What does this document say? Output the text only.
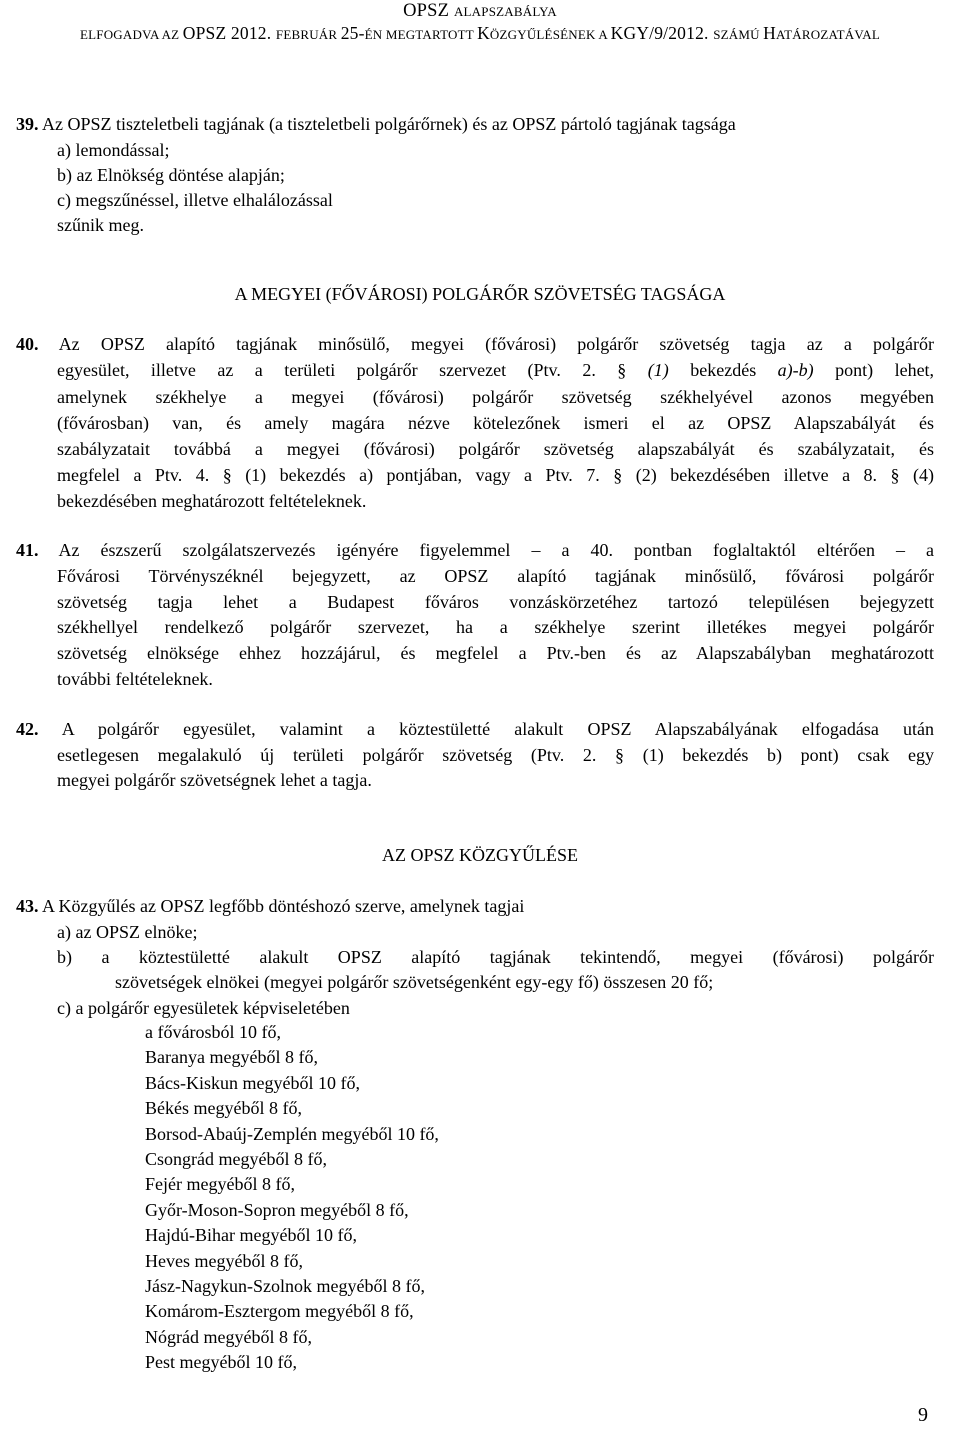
OPSZ ALAPSZABÁLYA
ELFOGADVA AZ OPSZ 2012. FEBRUÁR 25-ÉN MEGTARTOTT KÖZGYŰLÉSÉNEK A KGY/9/2012. SZÁMÚ HATÁROZATÁVAL
39. Az OPSZ tiszteletbeli tagjának (a tiszteletbeli polgárőrnek) és az OPSZ pártoló tagjának tagsága
a) lemondással;
b) az Elnökség döntése alapján;
c) megszűnéssel, illetve elhalálozással
szűnik meg.
A MEGYEI (FŐVÁROSI) POLGÁRŐR SZÖVETSÉG TAGSÁGA
40. Az OPSZ alapító tagjának minősülő, megyei (fővárosi) polgárőr szövetség tagja az a polgárőr
egyesület, illetve az a területi polgárőr szervezet (Ptv. 2. § (1) bekezdés a)-b) pont) lehet,
amelynek székhelye a megyei (fővárosi) polgárőr szövetség székhelyével azonos megyében
(fővárosban) van, és amely magára nézve kötelezőnek ismeri el az OPSZ Alapszabályát és
szabályzatait továbbá a megyei (fővárosi) polgárőr szövetség alapszabályát és szabályzatait, és
megfelel a Ptv. 4. § (1) bekezdés a) pontjában, vagy a Ptv. 7. § (2) bekezdésében illetve a 8. § (4)
bekezdésében meghatározott feltételeknek.
41. Az észszerű szolgálatszervezés igényére figyelemmel – a 40. pontban foglaltaktól eltérően – a
Fővárosi Törvényszéknél bejegyzett, az OPSZ alapító tagjának minősülő, fővárosi polgárőr
szövetség tagja lehet a Budapest főváros vonzáskörzetéhez tartozó településen bejegyzett
székhellyel rendelkező polgárőr szervezet, ha a székhelye szerint illetékes megyei polgárőr
szövetség elnöksége ehhez hozzájárul, és megfelel a Ptv.-ben és az Alapszabályban meghatározott
további feltételeknek.
42. A polgárőr egyesület, valamint a köztestületté alakult OPSZ Alapszabályának elfogadása után
esetlegesen megalakuló új területi polgárőr szövetség (Ptv. 2. § (1) bekezdés b) pont) csak egy
megyei polgárőr szövetségnek lehet a tagja.
AZ OPSZ KÖZGYŰLÉSE
43. A Közgyűlés az OPSZ legfőbb döntéshozó szerve, amelynek tagjai
a) az OPSZ elnöke;
b) a köztestületté alakult OPSZ alapító tagjának tekintendő, megyei (fővárosi) polgárőr
szövetségek elnökei (megyei polgárőr szövetségenként egy-egy fő) összesen 20 fő;
c) a polgárőr egyesületek képviseletében
a fővárosból 10 fő,
Baranya megyéből 8 fő,
Bács-Kiskun megyéből 10 fő,
Békés megyéből 8 fő,
Borsod-Abaúj-Zemplén megyéből 10 fő,
Csongrád megyéből 8 fő,
Fejér megyéből 8 fő,
Győr-Moson-Sopron megyéből 8 fő,
Hajdú-Bihar megyéből 10 fő,
Heves megyéből 8 fő,
Jász-Nagykun-Szolnok megyéből 8 fő,
Komárom-Esztergom megyéből 8 fő,
Nógrád megyéből 8 fő,
Pest megyéből 10 fő,
9
